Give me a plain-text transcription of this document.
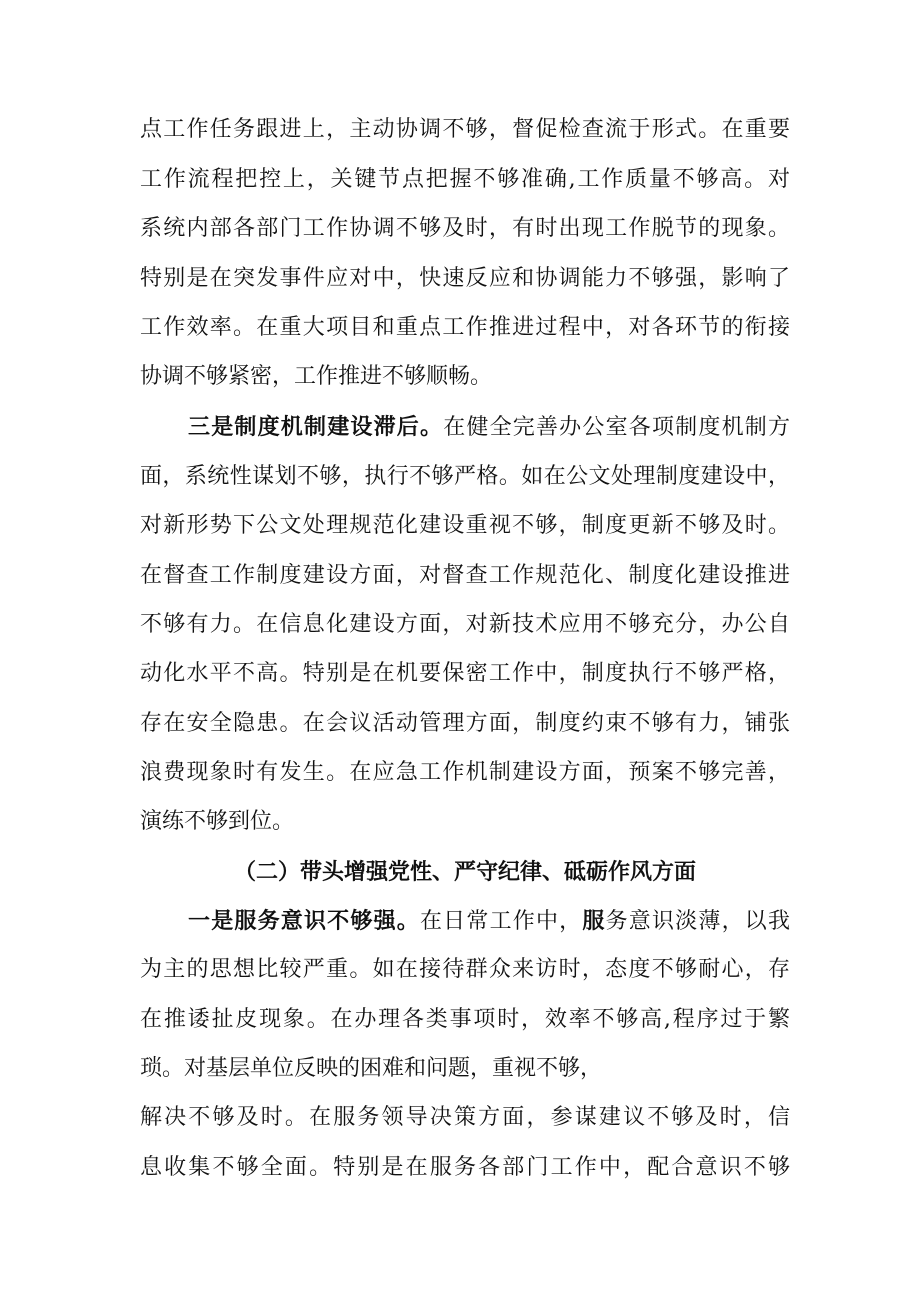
点工作任务跟进上，主动协调不够，督促检查流于形式。在重要
工作流程把控上，关键节点把握不够准确,工作质量不够高。对
系统内部各部门工作协调不够及时，有时出现工作脱节的现象。
特别是在突发事件应对中，快速反应和协调能力不够强，影响了
工作效率。在重大项目和重点工作推进过程中，对各环节的衔接
协调不够紧密，工作推进不够顺畅。
三是制度机制建设滞后。在健全完善办公室各项制度机制方
面，系统性谋划不够，执行不够严格。如在公文处理制度建设中，
对新形势下公文处理规范化建设重视不够，制度更新不够及时。
在督查工作制度建设方面，对督查工作规范化、制度化建设推进
不够有力。在信息化建设方面，对新技术应用不够充分，办公自
动化水平不高。特别是在机要保密工作中，制度执行不够严格，
存在安全隐患。在会议活动管理方面，制度约束不够有力，铺张
浪费现象时有发生。在应急工作机制建设方面，预案不够完善，
演练不够到位。
（二）带头增强党性、严守纪律、砥砺作风方面
一是服务意识不够强。在日常工作中，服务意识淡薄，以我
为主的思想比较严重。如在接待群众来访时，态度不够耐心，存
在推诿扯皮现象。在办理各类事项时，效率不够高,程序过于繁
琐。对基层单位反映的困难和问题，重视不够，
解决不够及时。在服务领导决策方面，参谋建议不够及时，信
息收集不够全面。特别是在服务各部门工作中，配合意识不够
